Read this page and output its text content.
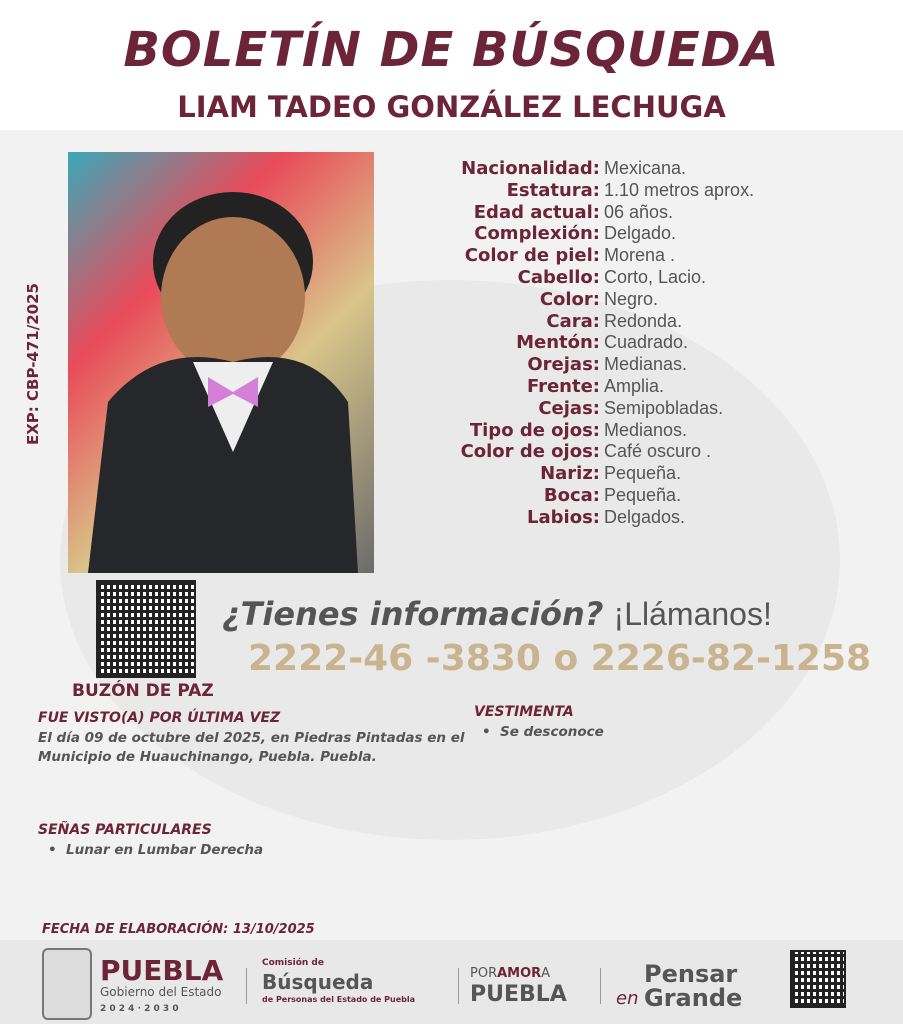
BOLETÍN DE BÚSQUEDA
LIAM TADEO GONZÁLEZ LECHUGA
EXP: CBP-471/2025
Nacionalidad: Mexicana.
Estatura: 1.10 metros aprox.
Edad actual: 06 años.
Complexión: Delgado.
Color de piel: Morena .
Cabello: Corto, Lacio.
Color: Negro.
Cara: Redonda.
Mentón: Cuadrado.
Orejas: Medianas.
Frente: Amplia.
Cejas: Semipobladas.
Tipo de ojos: Medianos.
Color de ojos: Café oscuro .
Nariz: Pequeña.
Boca: Pequeña.
Labios: Delgados.
BUZÓN DE PAZ
¿Tienes información? ¡Llámanos!
2222-46 -3830 o 2226-82-1258
FUE VISTO(A) POR ÚLTIMA VEZ
El día 09 de octubre del 2025, en Piedras Pintadas en el Municipio de Huauchinango, Puebla. Puebla.
VESTIMENTA
•  Se desconoce
SEÑAS PARTICULARES
•  Lunar en Lumbar Derecha
FECHA DE ELABORACIÓN: 13/10/2025
PUEBLA
Gobierno del Estado
2 0 2 4 · 2 0 3 0
Comisión de
Búsqueda
de Personas del Estado de Puebla
PORAMORA
PUEBLA
Pensar
en Grande
